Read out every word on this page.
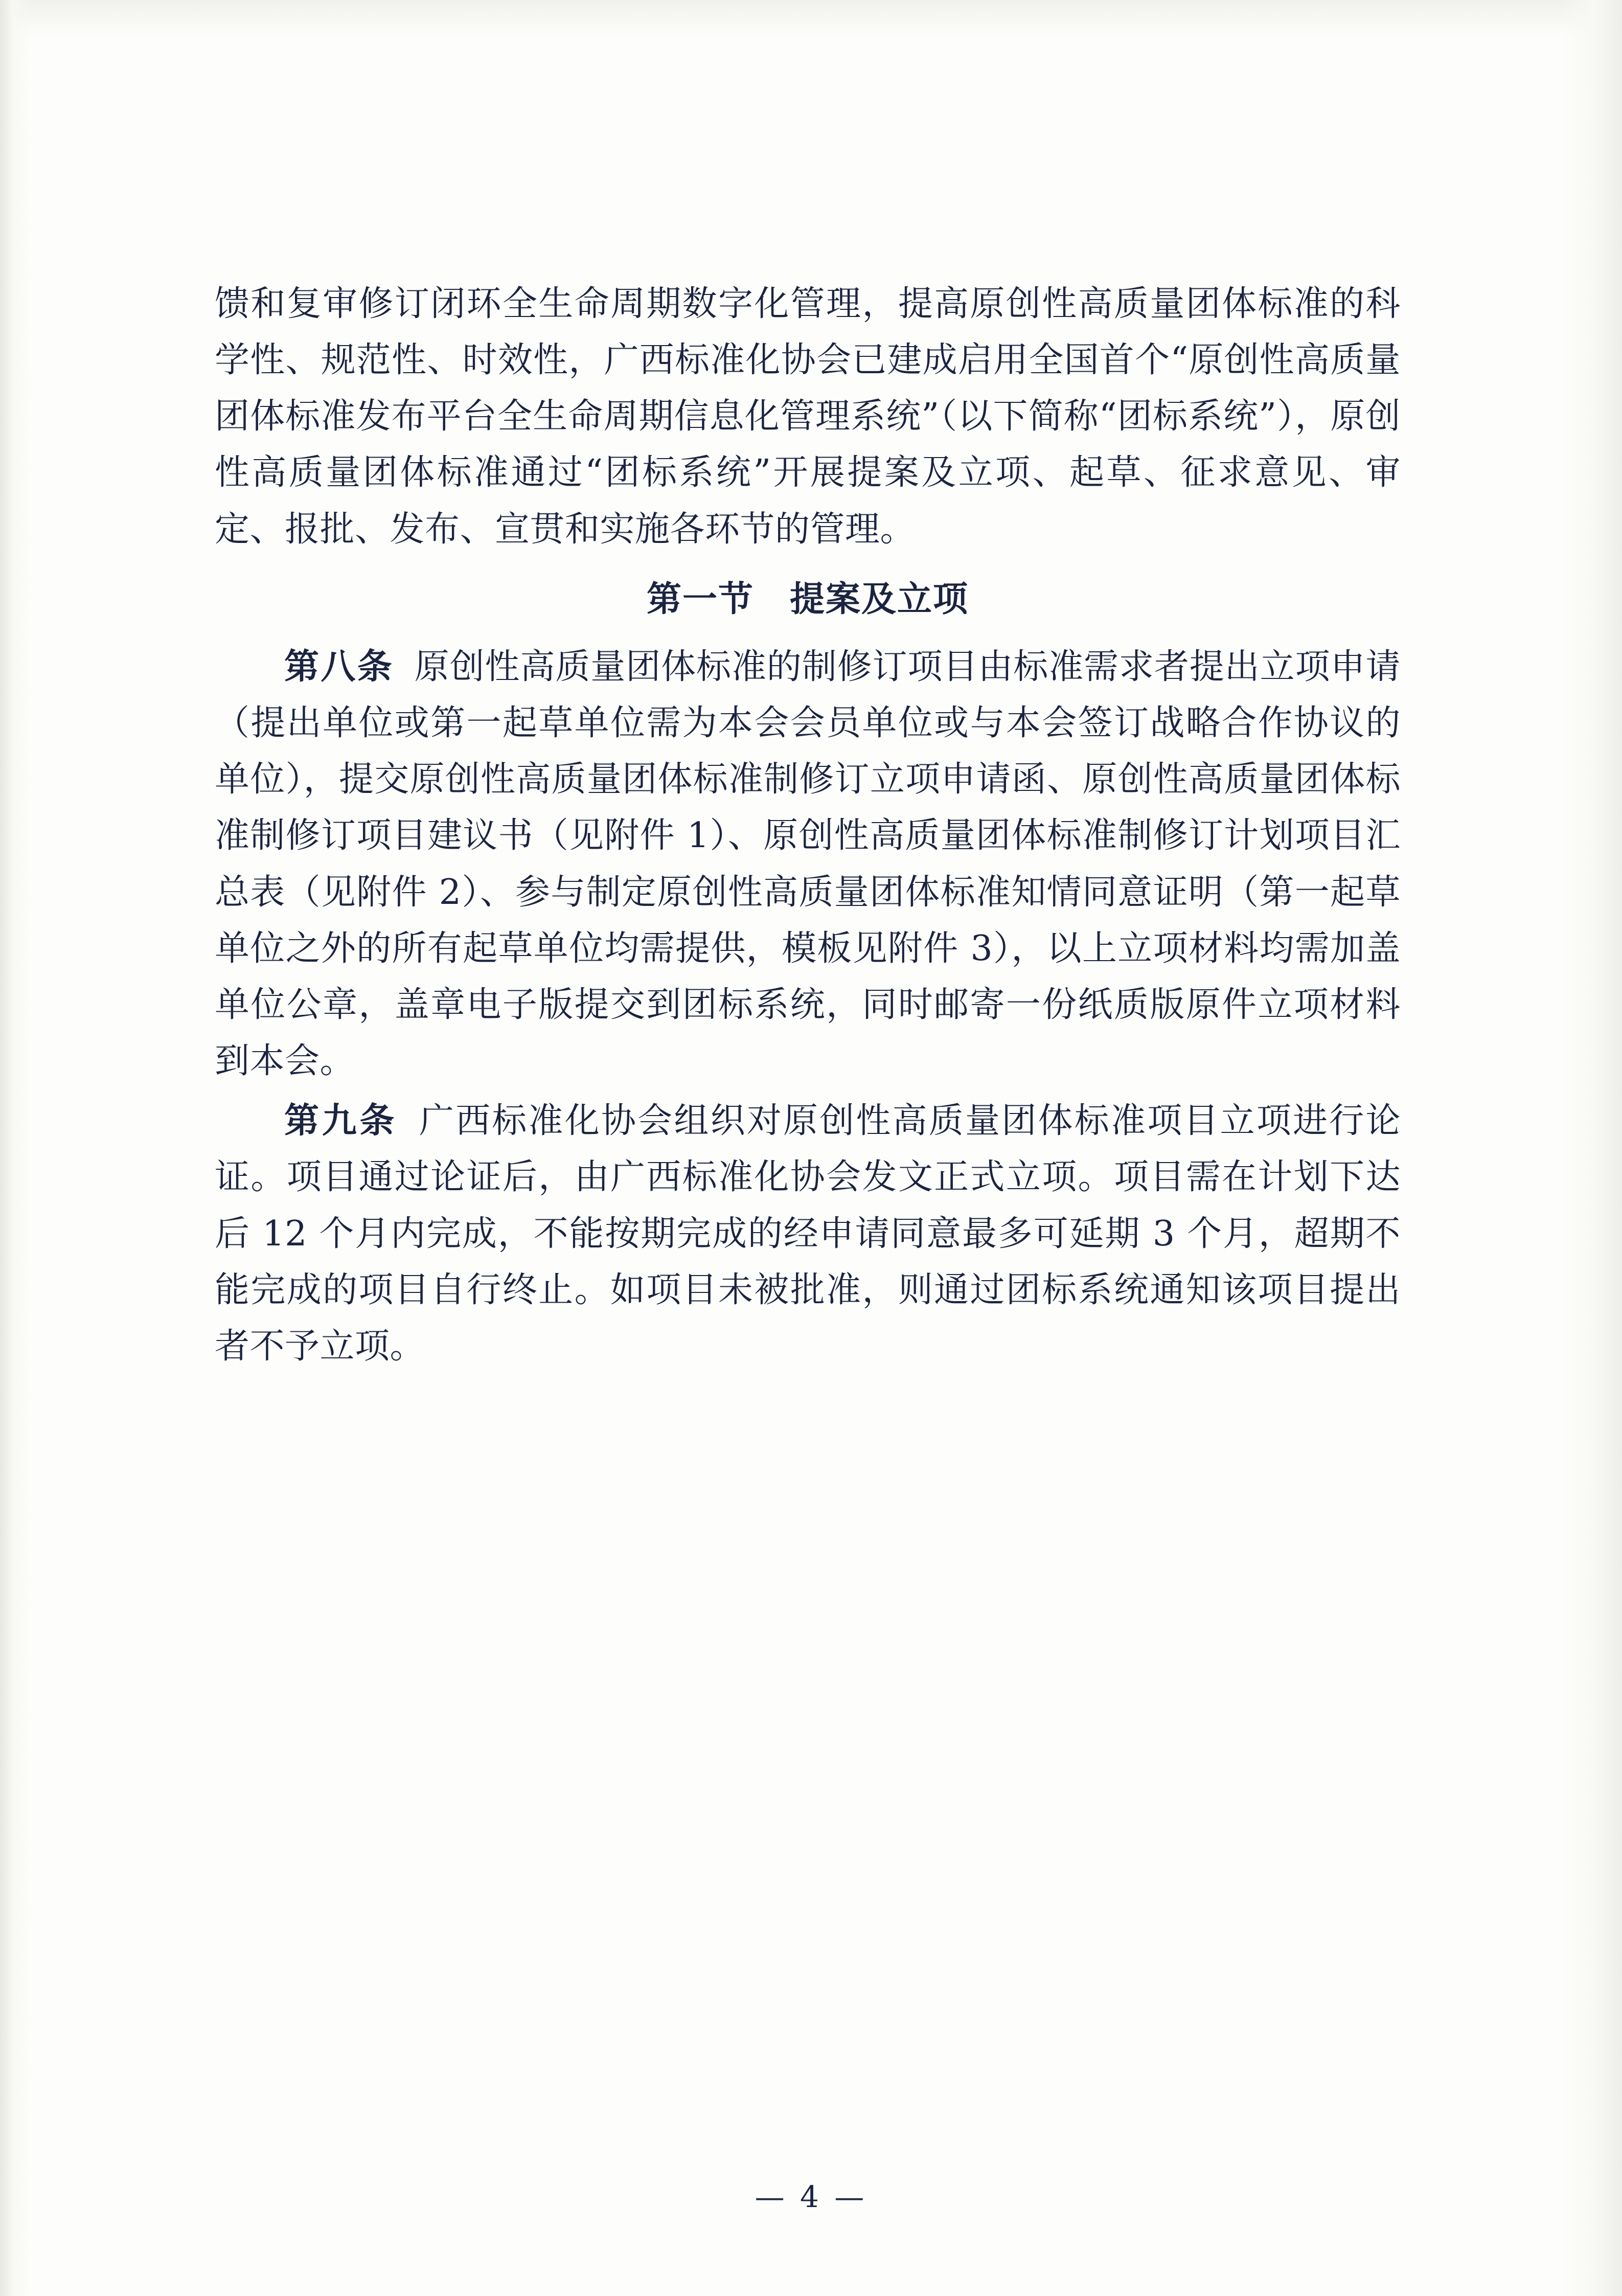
馈和复审修订闭环全生命周期数字化管理，提高原创性高质量团体标准的科学性、规范性、时效性，广西标准化协会已建成启用全国首个“原创性高质量团体标准发布平台全生命周期信息化管理系统”（以下简称“团标系统”），原创性高质量团体标准通过“团标系统”开展提案及立项、起草、征求意见、审定、报批、发布、宣贯和实施各环节的管理。

第一节　提案及立项

第八条 原创性高质量团体标准的制修订项目由标准需求者提出立项申请（提出单位或第一起草单位需为本会会员单位或与本会签订战略合作协议的单位），提交原创性高质量团体标准制修订立项申请函、原创性高质量团体标准制修订项目建议书（见附件 1）、原创性高质量团体标准制修订计划项目汇总表（见附件 2）、参与制定原创性高质量团体标准知情同意证明（第一起草单位之外的所有起草单位均需提供，模板见附件 3），以上立项材料均需加盖单位公章，盖章电子版提交到团标系统，同时邮寄一份纸质版原件立项材料到本会。

第九条 广西标准化协会组织对原创性高质量团体标准项目立项进行论证。项目通过论证后，由广西标准化协会发文正式立项。项目需在计划下达后 12 个月内完成，不能按期完成的经申请同意最多可延期 3 个月，超期不能完成的项目自行终止。如项目未被批准，则通过团标系统通知该项目提出者不予立项。

— 4 —
